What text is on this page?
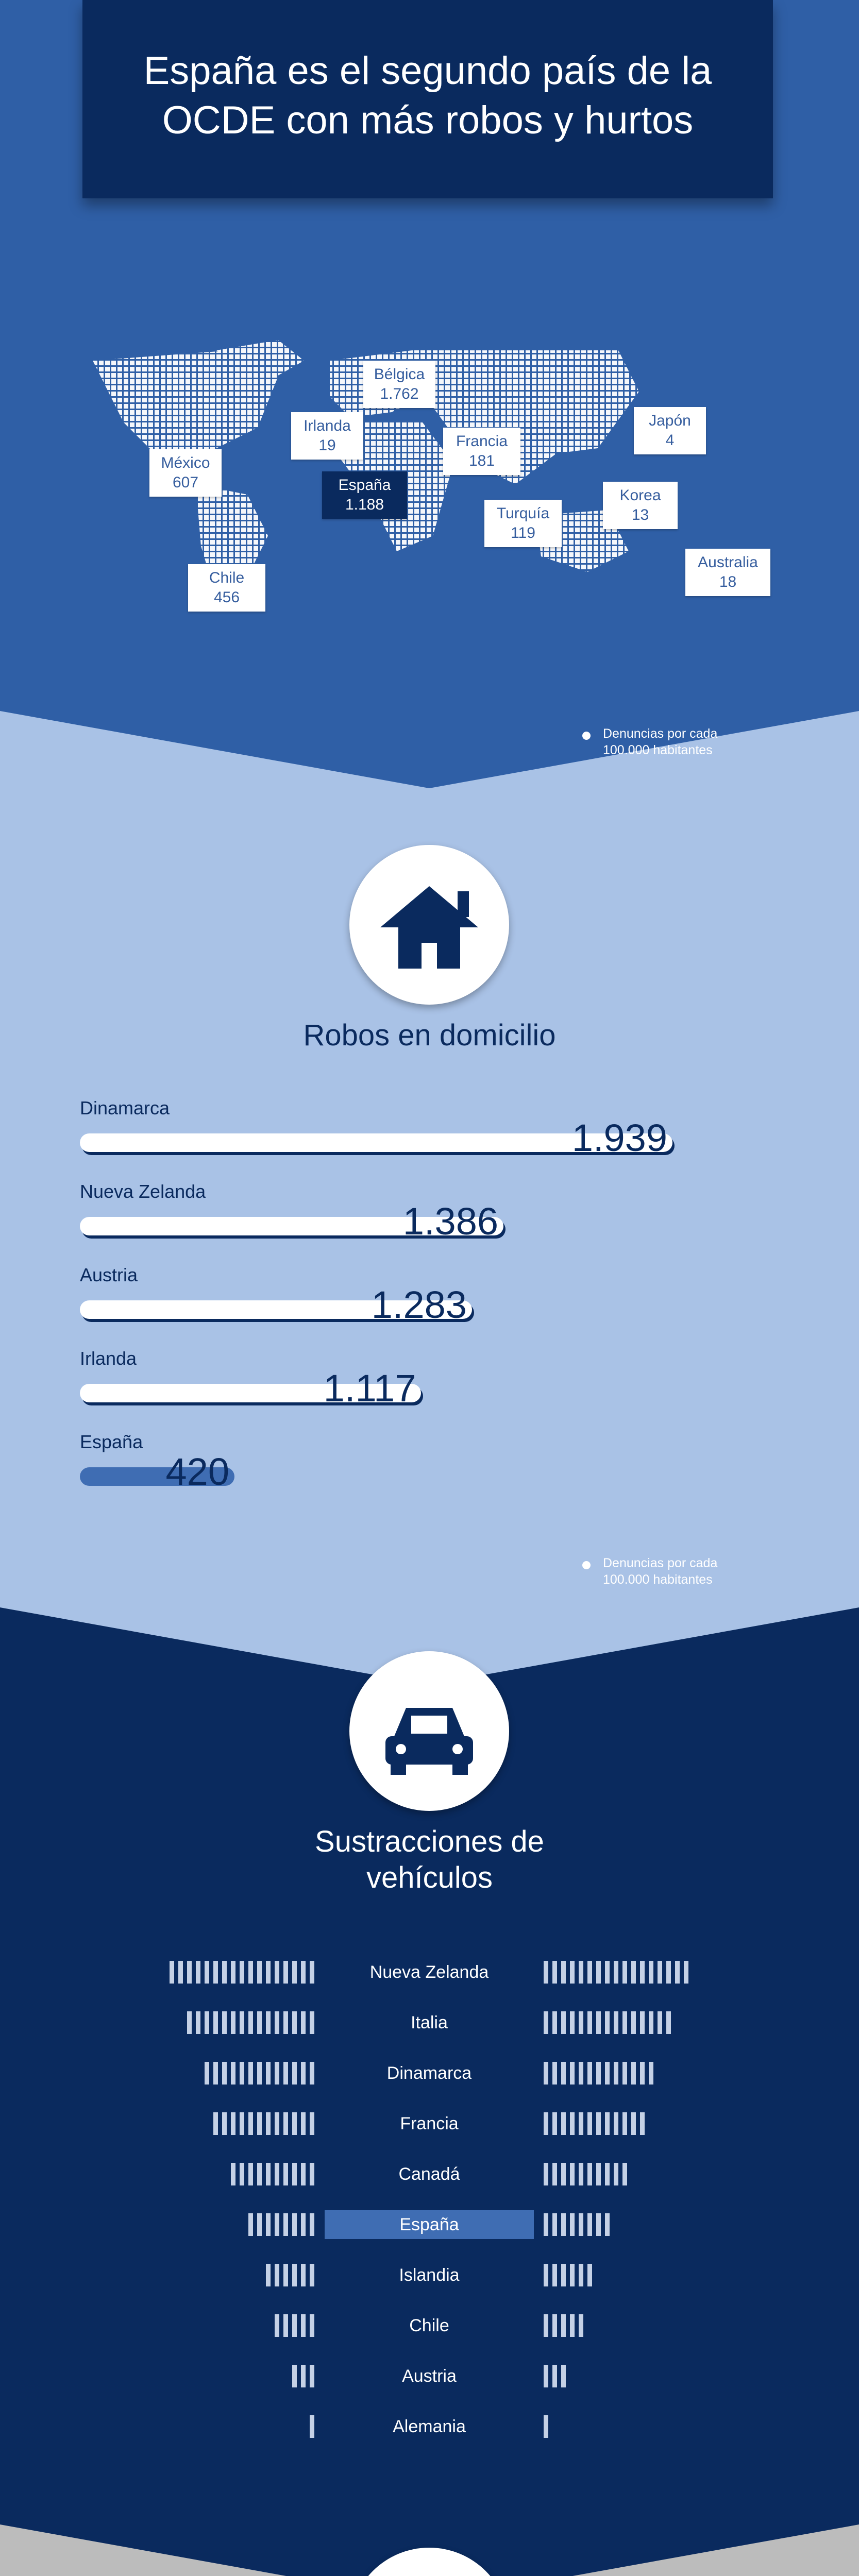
España es el segundo país de la
OCDE con más robos y hurtos
Bélgica
1.762
Irlanda
19	Francia
181
México
607	España
1.188
Turquía
119
Japón
4
Korea
13
Australia
18
Chile
456
Denuncias por cada
100.000 habitantes
Robos en domicilio
Dinamarca
1.939
Nueva Zelanda
1.386
Austria
1.283
Irlanda
1.117
España
420
Denuncias por cada
100.000 habitantes
Sustracciones de
vehículos
Nueva Zelanda
Italia
Dinamarca
Francia
Canadá
España
Islandia
Chile
Austria
Alemania
